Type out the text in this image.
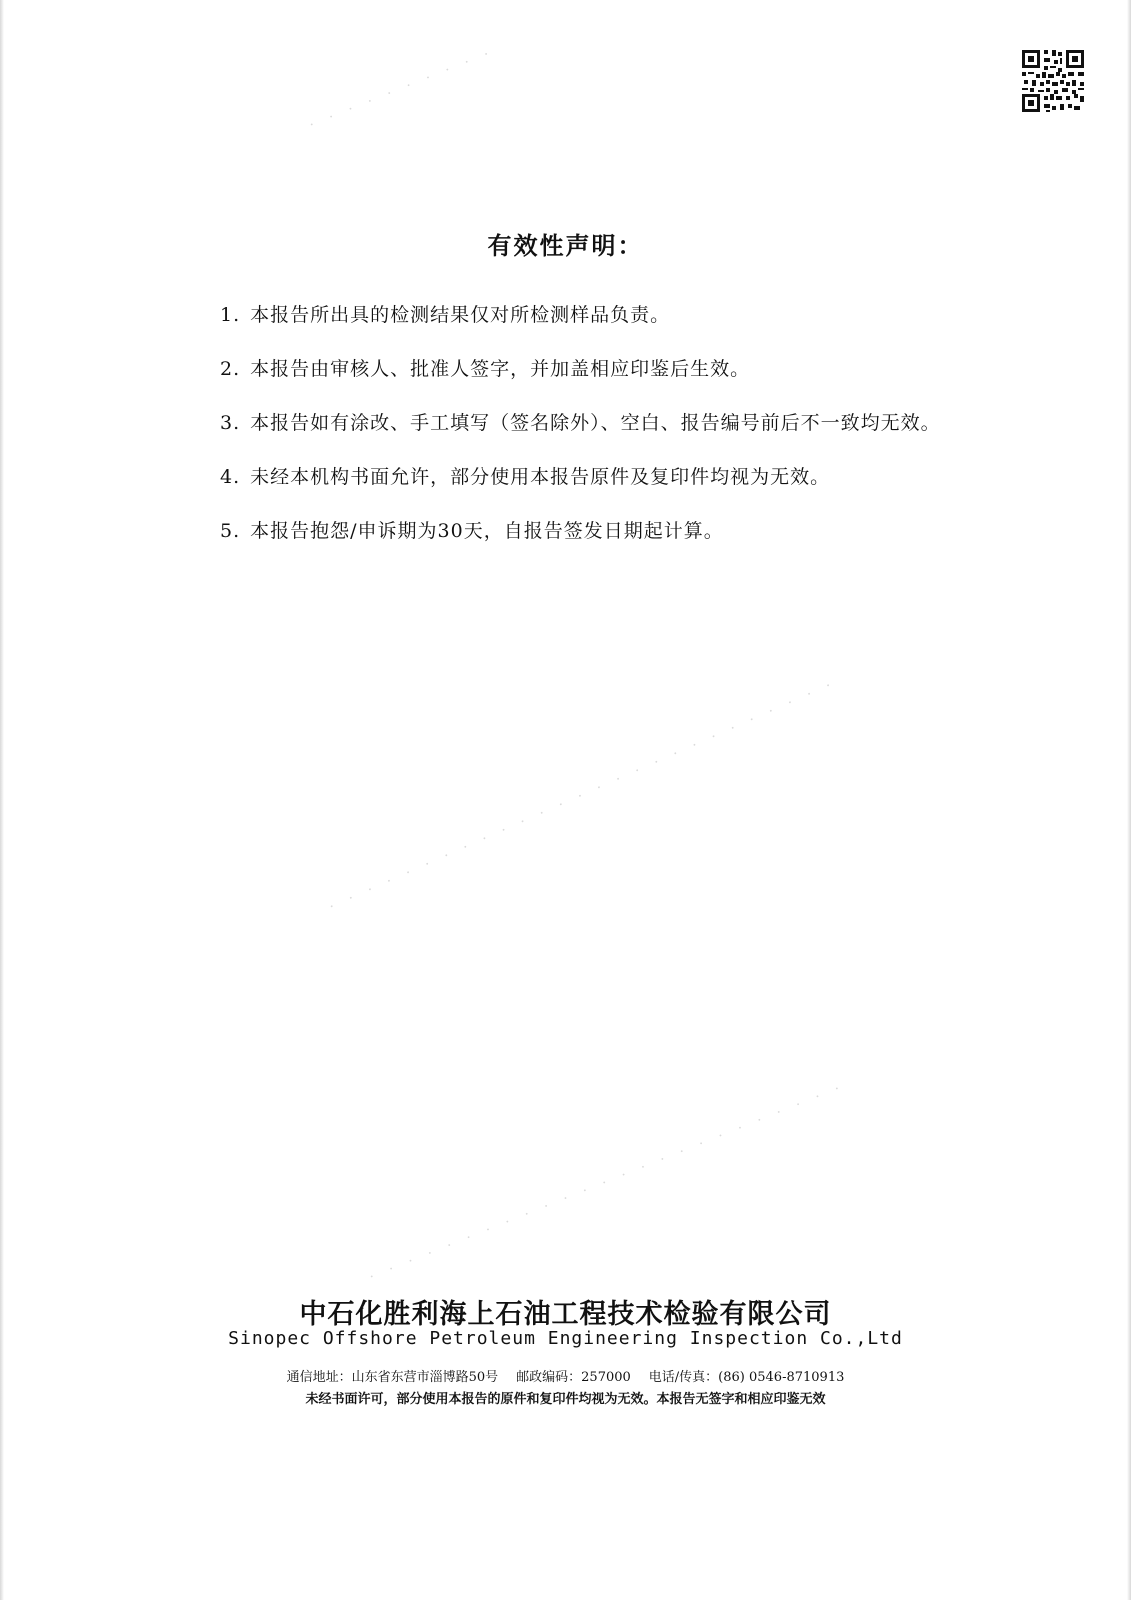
· · · · · · · · · ·
· · · · · · · · · · · · · · · · · · · · · · · · · · ·
· · · · · · · · · · · · · · · · · · · · · · · · ·
有效性声明：

1. 本报告所出具的检测结果仅对所检测样品负责。

2. 本报告由审核人、批准人签字，并加盖相应印鉴后生效。

3. 本报告如有涂改、手工填写（签名除外）、空白、报告编号前后不一致均无效。

4. 未经本机构书面允许，部分使用本报告原件及复印件均视为无效。

5. 本报告抱怨/申诉期为30天，自报告签发日期起计算。

中石化胜利海上石油工程技术检验有限公司
Sinopec Offshore Petroleum Engineering Inspection Co.,Ltd
通信地址：山东省东营市淄博路50号 邮政编码：257000 电话/传真：(86) 0546-8710913
未经书面许可，部分使用本报告的原件和复印件均视为无效。本报告无签字和相应印鉴无效
